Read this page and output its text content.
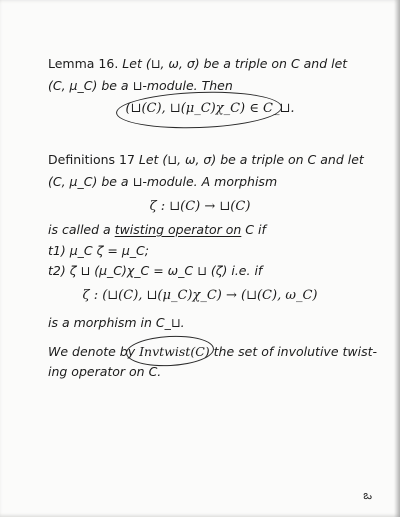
Lemma 16. Let (⊔, ω, σ) be a triple on C and let
(C, μ_C) be a ⊔-module. Then
(⊔(C), ⊔(μ_C)χ_C) ∈ C_⊔.
Definitions 17 Let (⊔, ω, σ) be a triple on C and let
(C, μ_C) be a ⊔-module. A morphism
ζ : ⊔(C) → ⊔(C)
is called a twisting operator on C if
t1) μ_C ζ = μ_C;
t2) ζ ⊔ (μ_C)χ_C = ω_C ⊔ (ζ) i.e. if
ζ : (⊔(C), ⊔(μ_C)χ_C) → (⊔(C), ω_C)
is a morphism in C_⊔.
We denote by Invtwist(C) the set of involutive twist-
ing operator on C.
ఒ
